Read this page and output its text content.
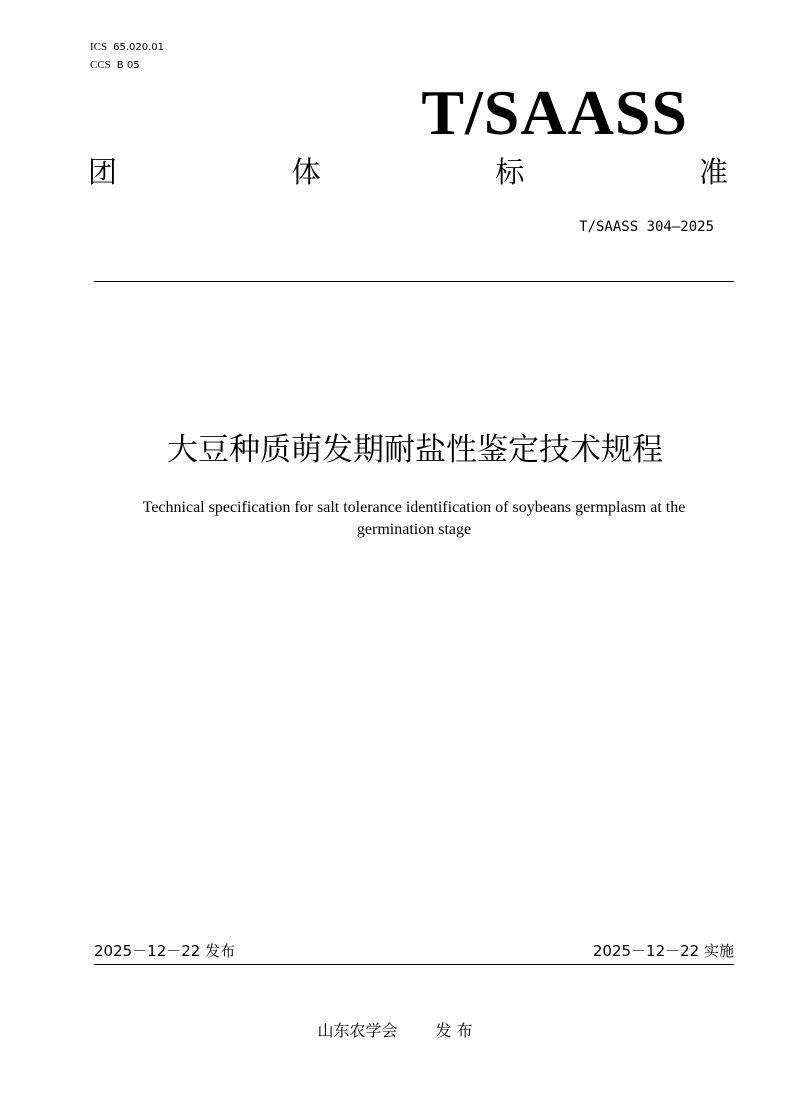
ICS 65.020.01
CCS B 05
T/SAASS
团	体	标	准
T/SAASS 304—2025
大豆种质萌发期耐盐性鉴定技术规程
Technical specification for salt tolerance identification of soybeans germplasm at the
germination stage
2025－12－22 发布	2025－12－22 实施
山东农学会 发 布
